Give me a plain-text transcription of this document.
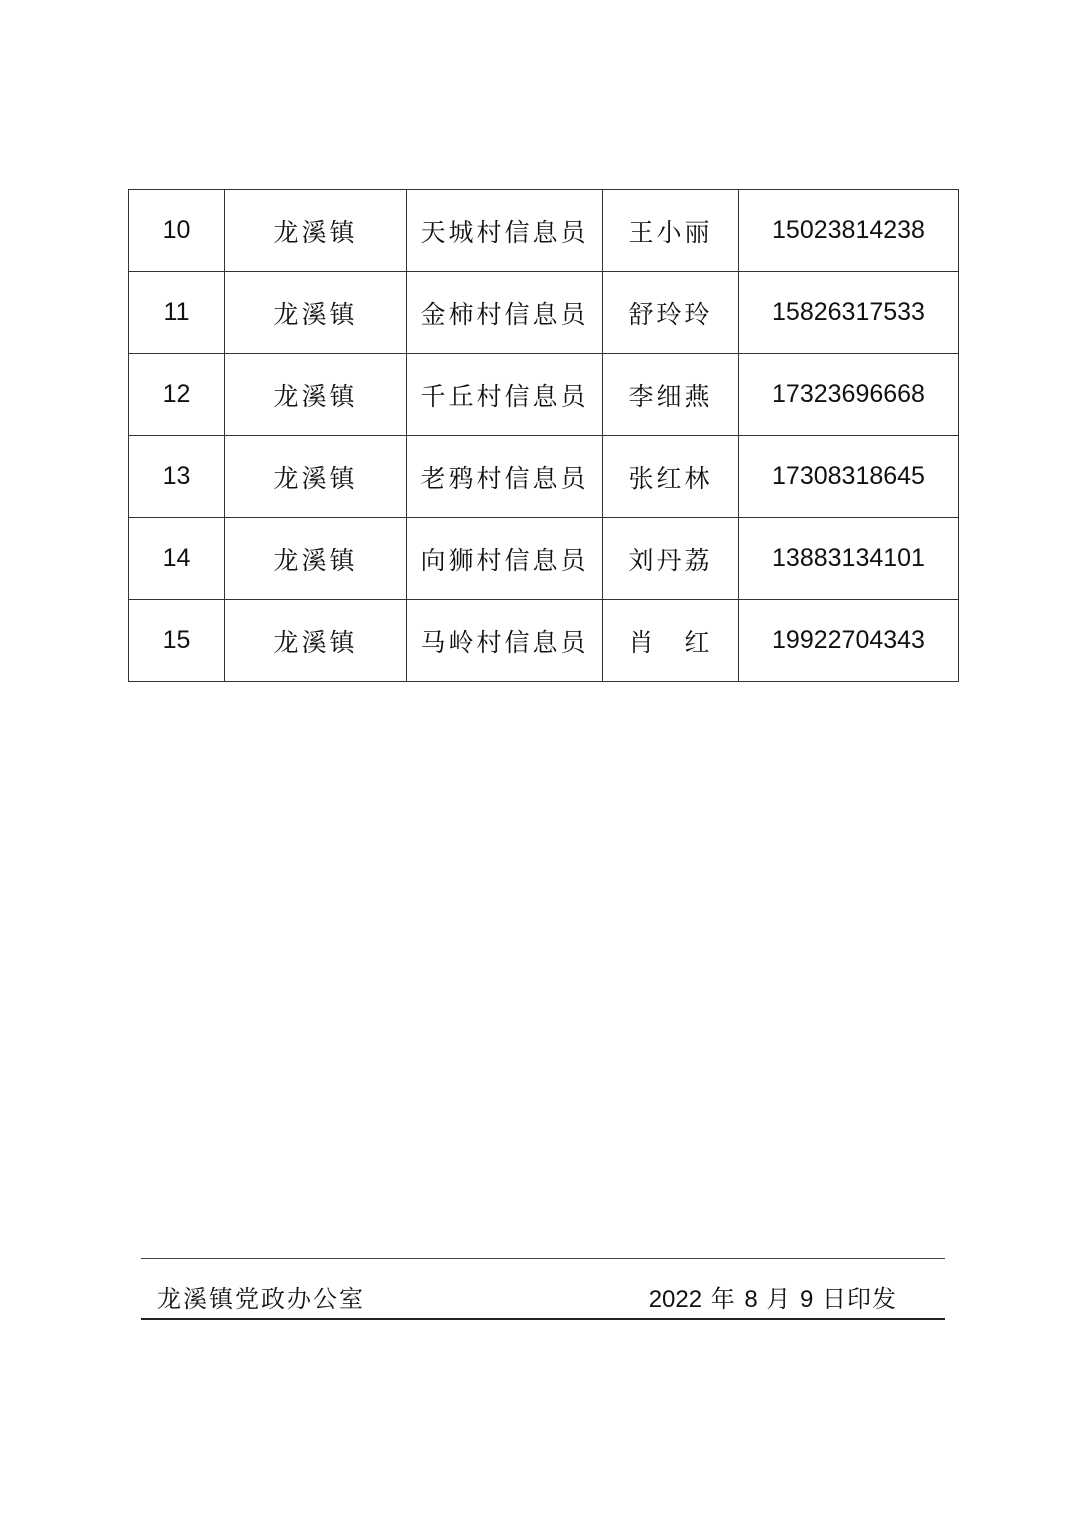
10	龙溪镇	天城村信息员	王小丽	15023814238
11	龙溪镇	金柿村信息员	舒玲玲	15826317533
12	龙溪镇	千丘村信息员	李细燕	17323696668
13	龙溪镇	老鸦村信息员	张红林	17308318645
14	龙溪镇	向狮村信息员	刘丹荔	13883134101
15	龙溪镇	马岭村信息员	肖　红	19922704343
龙溪镇党政办公室	2022 年 8 月 9 日印发
